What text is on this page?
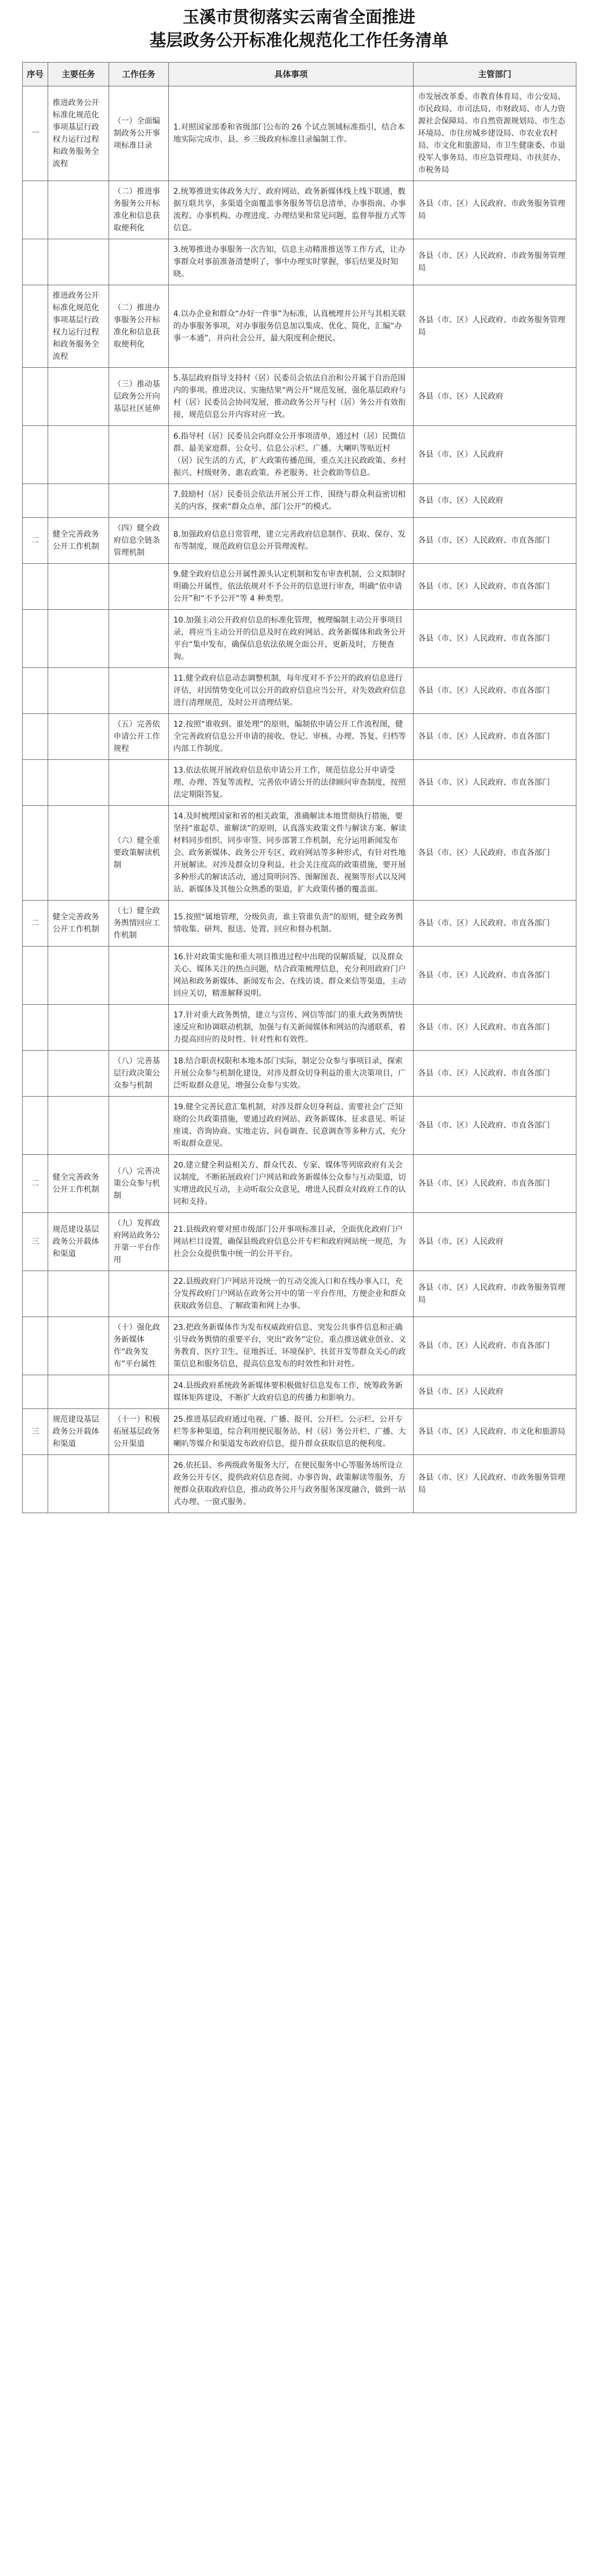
玉溪市贯彻落实云南省全面推进
基层政务公开标准化规范化工作任务清单
序号	主要任务	工作任务	具体事项	主管部门
一	推进政务公开标准化规范化事项基层行政权力运行过程和政务服务全流程	（一）全面编制政务公开事项标准目录	1.对照国家部委和省级部门公布的 26 个试点领域标准指引，结合本地实际完成市、县、乡三级政府标准目录编制工作。	市发展改革委、市教育体育局、市公安局、市民政局、市司法局、市财政局、市人力资源社会保障局、市自然资源规划局、市生态环境局、市住房城乡建设局、市农业农村局、市文化和旅游局、市卫生健康委、市退役军人事务局、市应急管理局、市扶贫办、市税务局
		（二）推进事务服务公开标准化和信息获取便利化	2.统筹推进实体政务大厅、政府网站、政务新媒体线上线下联通，数据互联共享，多渠道全面覆盖事务服务等信息清单，办事指南、办事流程、办事机构、办理进度、办理结果和常见问题，监督举报方式等信息。	各县（市、区）人民政府、市政务服务管理局
			3.统筹推进办事服务一次告知，信息主动精准推送等工作方式，让办事群众对事前准备清楚明了，事中办理实时掌握，事后结果及时知晓。	各县（市、区）人民政府、市政务服务管理局
	推进政务公开标准化规范化事项基层行政权力运行过程和政务服务全流程	（二）推进办事服务公开标准化和信息获取便利化	4.以办企业和群众“办好一件事”为标准，认真梳理并公开与其相关联的办事服务事项，对办事服务信息加以集成、优化、简化，汇编“办事一本通”，并向社会公开，最大限度利企便民。	各县（市、区）人民政府、市政务服务管理局
		（三）推动基层政务公开向基层社区延伸	5.基层政府指导支持村（居）民委员会依法自治和公开属于自治范围内的事项。推进决议、实施结果“两公开”规范发展，强化基层政府与村（居）民委员会协同发展，推动政务公开与村（居）务公开有效衔接，规范信息公开内容对应一致。	各县（市、区）人民政府
			6.指导村（居）民委员会向群众公开事项清单，通过村（居）民微信群、最美家庭群、公众号、信息公示栏、广播、大喇叭等贴近村（居）民生活的方式，扩大政策传播范围，重点关注民政政策、乡村振兴、村级财务、惠农政策、养老服务、社会救助等信息。	各县（市、区）人民政府
			7.鼓励村（居）民委员会依法开展公开工作，围绕与群众利益密切相关的内容，探索“群众点单，部门公开”的模式。	各县（市、区）人民政府
二	健全完善政务公开工作机制	（四）健全政府信息全链条管理机制	8.加强政府信息日常管理，建立完善政府信息制作、获取、保存、发布等制度，规范政府信息公开管理流程。	各县（市、区）人民政府、市直各部门
			9.健全政府信息公开属性源头认定机制和发布审查机制，公文拟制时明确公开属性，依法依规对不予公开的信息进行审查，明确“依申请公开”和“不予公开”等 4 种类型。	各县（市、区）人民政府、市直各部门
			10.加强主动公开政府信息的标准化管理，梳理编制主动公开事项目录，将应当主动公开的信息及时在政府网站、政务新媒体和政务公开平台“集中发布，确保信息依法依规全面公开，更新及时，方便查询。	各县（市、区）人民政府、市直各部门
			11.健全政府信息动态调整机制，每年度对不予公开的政府信息进行评估，对因情势变化可以公开的政府信息应当公开，对失效政府信息进行清理规范，及时公开清理结果。	各县（市、区）人民政府、市直各部门
		（五）完善依申请公开工作规程	12.按照“谁收到、谁处理”的原则，编制依申请公开工作流程图，健全完善政府信息公开申请的接收、登记、审核、办理、答复、归档等内部工作制度。	各县（市、区）人民政府、市直各部门
			13.依法依规开展政府信息依申请公开工作，规范信息公开申请受理、办理、答复等流程，完善依申请公开的法律顾问审查制度，按照法定期限答复。	各县（市、区）人民政府、市直各部门
		（六）健全重要政策解读机制	14.及时梳理国家和省的相关政策，准确解读本地贯彻执行措施，要坚持“谁起草、谁解读”的原则，认真落实政策文件与解读方案、解读材料同步组织、同步审签、同步部署工作机制，充分运用新闻发布会、政务新媒体、政务公开专区、政府网站等多种形式，有针对性地开展解读。对涉及群众切身利益、社会关注度高的政策措施，要开展多种形式的解读活动，通过简明问答、图解图表、视频等形式以及网站、新媒体及其他公众熟悉的渠道，扩大政策传播的覆盖面。	各县（市、区）人民政府、市直各部门
二	健全完善政务公开工作机制	（七）健全政务舆情回应工作机制	15.按照“属地管理，分级负责，谁主管谁负责”的原则，健全政务舆情收集、研判、报送、处置、回应和督办机制。	各县（市、区）人民政府、市直各部门
			16.针对政策实施和重大项目推进过程中出现的误解质疑，以及群众关心、媒体关注的热点问题，结合政策梳理信息，充分利用政府门户网站和政务新媒体、新闻发布会、在线访谈、群众来信等渠道，主动回应关切，精准解释说明。	各县（市、区）人民政府、市直各部门
			17.针对重大政务舆情，建立与宣传、网信等部门的重大政务舆情快速反应和协调联动机制，加强与有关新闻媒体和网站的沟通联系，着力提高回应的及时性、针对性和有效性。	各县（市、区）人民政府、市直各部门
		（八）完善基层行政决策公众参与机制	18.结合职责权限和本地本部门实际，制定公众参与事项目录，探索开展公众参与机制化建设，对涉及群众切身利益的重大决策项目，广泛听取群众意见，增强公众参与实效。	各县（市、区）人民政府、市直各部门
			19.健全完善民意汇集机制，对涉及群众切身利益、需要社会广泛知晓的公共政策措施，要通过政府网站、政务新媒体、征求意见、听证座谈、咨询协商、实地走访、问卷调查、民意调查等多种方式，充分听取群众意见。	各县（市、区）人民政府、市直各部门
二	健全完善政务公开工作机制	（八）完善决策公众参与机制	20.建立健全利益相关方、群众代表、专家、媒体等列席政府有关会议制度，不断拓展政府门户网站和政务新媒体公众参与互动渠道，切实增进政民互动，主动听取公众意见，增进人民群众对政府工作的认同和支持。	各县（市、区）人民政府、市直各部门
三	规范建设基层政务公开载体和渠道	（九）发挥政府网站政务公开第一平台作用	21.县级政府要对照市级部门公开事项标准目录，全面优化政府门户网站栏目设置，确保县级政府信息公开专栏和政府网站统一规范，为社会公众提供集中统一的公开平台。	各县（市、区）人民政府
			22.县级政府门户网站开设统一的互动交流入口和在线办事入口，充分发挥政府门户网站在政务公开中的第一平台作用，方便企业和群众获取政务信息、了解政策和网上办事。	各县（市、区）人民政府、市政务服务管理局
		（十）强化政务新媒体作“政务发布”平台属性	23.把政务新媒体作为发布权威政府信息、突发公共事件信息和正确引导政务舆情的重要平台，突出“政务”定位，重点推送就业创业、义务教育、医疗卫生、征地拆迁、环境保护、扶贫开发等群众关心的政策信息和服务信息，提高信息发布的时效性和针对性。	各县（市、区）人民政府、市直各部门
			24.县级政府系统政务新媒体要积极做好信息发布工作，统筹政务新媒体矩阵建设，不断扩大政府信息的传播力和影响力。	各县（市、区）人民政府
三	规范建设基层政务公开载体和渠道	（十一）积极拓展基层政务公开渠道	25.推进基层政府通过电视、广播、报刊、公开栏、公示栏、公开专栏等多种渠道，综合利用便民服务站、村（居）务公开栏、广播、大喇叭等媒介和渠道发布政府信息，提升群众获取信息的便利度。	各县（市、区）人民政府、市文化和旅游局
			26.依托县、乡两级政务服务大厅，在便民服务中心等服务场所设立政务公开专区，提供政府信息查阅、办事咨询、政策解读等服务，方便群众获取政府信息，推动政务公开与政务服务深度融合，做到一站式办理、一窗式服务。	各县（市、区）人民政府、市政务服务管理局
